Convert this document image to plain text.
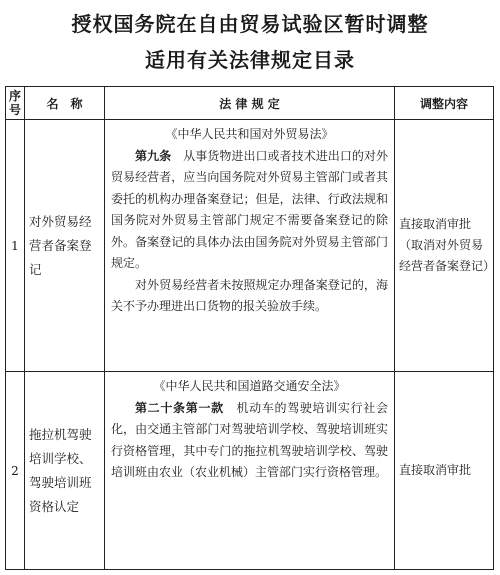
授权国务院在自由贸易试验区暂时调整
适用有关法律规定目录
序
号	名　称	法 律 规 定	调整内容
1	对外贸易经营者备案登记	《中华人民共和国对外贸易法》

第九条　从事货物进出口或者技术进出口的对外贸易经营者，应当向国务院对外贸易主管部门或者其委托的机构办理备案登记；但是，法律、行政法规和国务院对外贸易主管部门规定不需要备案登记的除外。备案登记的具体办法由国务院对外贸易主管部门规定。

对外贸易经营者未按照规定办理备案登记的，海关不予办理进出口货物的报关验放手续。	直接取消审批（取消对外贸易经营者备案登记）
2	拖拉机驾驶培训学校、驾驶培训班资格认定	《中华人民共和国道路交通安全法》

第二十条第一款　机动车的驾驶培训实行社会化，由交通主管部门对驾驶培训学校、驾驶培训班实行资格管理，其中专门的拖拉机驾驶培训学校、驾驶培训班由农业（农业机械）主管部门实行资格管理。	直接取消审批
